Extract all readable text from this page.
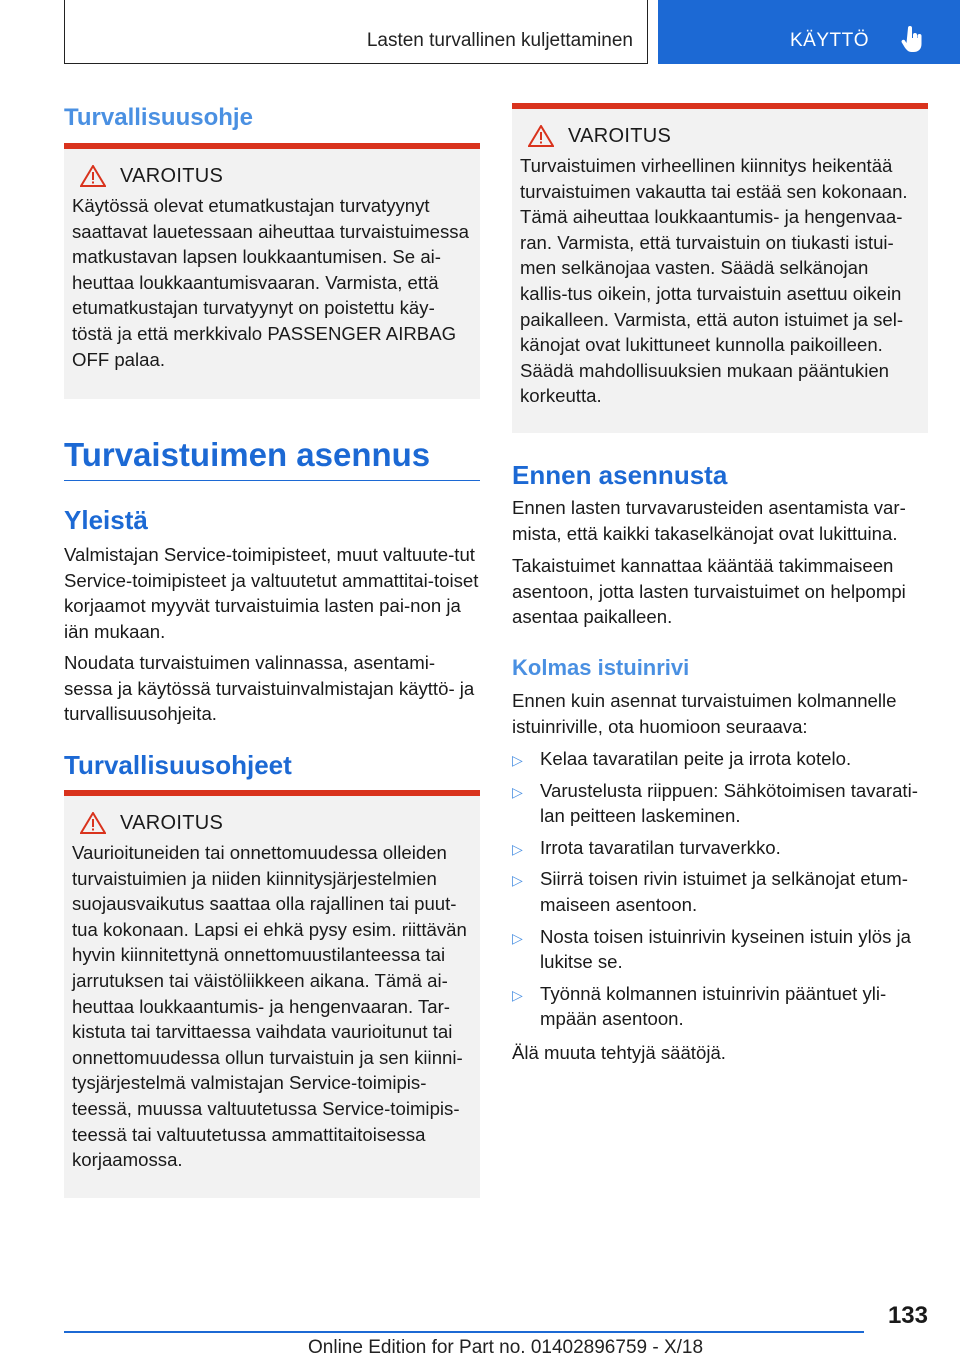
Lasten turvallinen kuljettaminen	KÄYTTÖ
Turvallisuusohje
VAROITUS

Käytössä olevat etumatkustajan turvatyynyt saattavat lauetessaan aiheuttaa turvaistuimessa matkustavan lapsen loukkaantumisen. Se ai-heuttaa loukkaantumisvaaran. Varmista, että etumatkustajan turvatyynyt on poistettu käy-töstä ja että merkkivalo PASSENGER AIRBAG OFF palaa.

Turvaistuimen asennus
Yleistä

Valmistajan Service-toimipisteet, muut valtuute-tut Service-toimipisteet ja valtuutetut ammattitai-toiset korjaamot myyvät turvaistuimia lasten pai-non ja iän mukaan.

Noudata turvaistuimen valinnassa, asentami-sessa ja käytössä turvaistuinvalmistajan käyttö- ja turvallisuusohjeita.

Turvallisuusohjeet
VAROITUS

Vaurioituneiden tai onnettomuudessa olleiden turvaistuimien ja niiden kiinnitysjärjestelmien suojausvaikutus saattaa olla rajallinen tai puut-tua kokonaan. Lapsi ei ehkä pysy esim. riittävän hyvin kiinnitettynä onnettomuustilanteessa tai jarrutuksen tai väistöliikkeen aikana. Tämä ai-heuttaa loukkaantumis- ja hengenvaaran. Tar-kistuta tai tarvittaessa vaihdata vaurioitunut tai onnettomuudessa ollun turvaistuin ja sen kiinni-tysjärjestelmä valmistajan Service-toimipis-teessä, muussa valtuutetussa Service-toimipis-teessä tai valtuutetussa ammattitaitoisessa korjaamossa.

VAROITUS

Turvaistuimen virheellinen kiinnitys heikentää turvaistuimen vakautta tai estää sen kokonaan. Tämä aiheuttaa loukkaantumis- ja hengenvaa-ran. Varmista, että turvaistuin on tiukasti istui-men selkänojaa vasten. Säädä selkänojan kallis-tus oikein, jotta turvaistuin asettuu oikein paikalleen. Varmista, että auton istuimet ja sel-känojat ovat lukittuneet kunnolla paikoilleen. Säädä mahdollisuuksien mukaan pääntukien korkeutta.

Ennen asennusta

Ennen lasten turvavarusteiden asentamista var-mista, että kaikki takaselkänojat ovat lukittuina.

Takaistuimet kannattaa kääntää takimmaiseen asentoon, jotta lasten turvaistuimet on helpompi asentaa paikalleen.

Kolmas istuinrivi

Ennen kuin asennat turvaistuimen kolmannelle istuinriville, ota huomioon seuraava:

▷ Kelaa tavaratilan peite ja irrota kotelo.
▷ Varustelusta riippuen: Sähkötoimisen tavarati-lan peitteen laskeminen.
▷ Irrota tavaratilan turvaverkko.
▷ Siirrä toisen rivin istuimet ja selkänojat etum-maiseen asentoon.
▷ Nosta toisen istuinrivin kyseinen istuin ylös ja lukitse se.
▷ Työnnä kolmannen istuinrivin pääntuet yli-mpään asentoon.

Älä muuta tehtyjä säätöjä.

133
Online Edition for Part no. 01402896759 - X/18
